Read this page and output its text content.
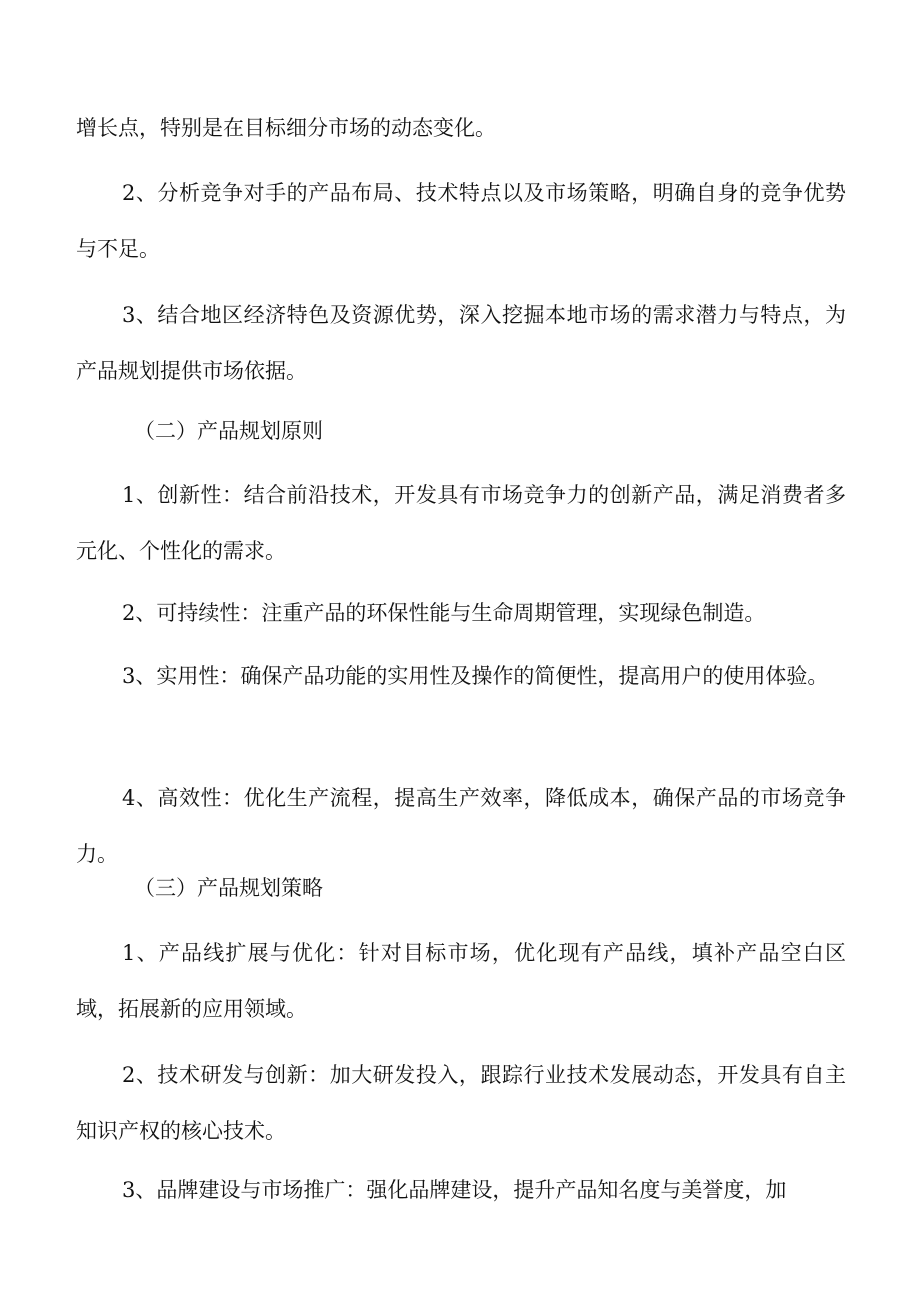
增长点，特别是在目标细分市场的动态变化。

2、分析竞争对手的产品布局、技术特点以及市场策略，明确自身的竞争优势与不足。

3、结合地区经济特色及资源优势，深入挖掘本地市场的需求潜力与特点，为产品规划提供市场依据。

（二）产品规划原则

1、创新性：结合前沿技术，开发具有市场竞争力的创新产品，满足消费者多元化、个性化的需求。

2、可持续性：注重产品的环保性能与生命周期管理，实现绿色制造。

3、实用性：确保产品功能的实用性及操作的简便性，提高用户的使用体验。

4、高效性：优化生产流程，提高生产效率，降低成本，确保产品的市场竞争力。

（三）产品规划策略

1、产品线扩展与优化：针对目标市场，优化现有产品线，填补产品空白区域，拓展新的应用领域。

2、技术研发与创新：加大研发投入，跟踪行业技术发展动态，开发具有自主知识产权的核心技术。

3、品牌建设与市场推广：强化品牌建设，提升产品知名度与美誉度，加
